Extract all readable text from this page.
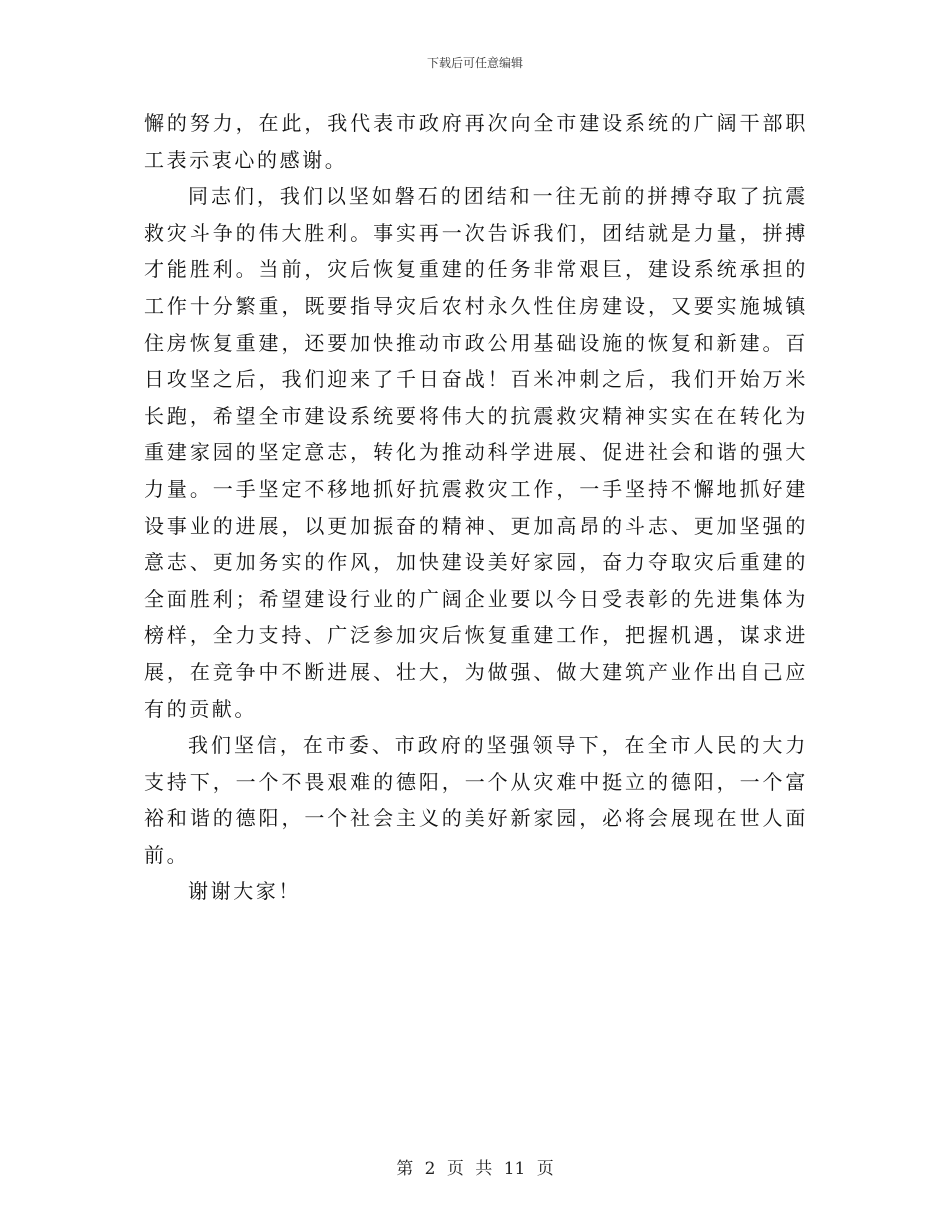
下载后可任意编辑

懈的努力，在此，我代表市政府再次向全市建设系统的广阔干部职工表示衷心的感谢。

同志们，我们以坚如磐石的团结和一往无前的拼搏夺取了抗震救灾斗争的伟大胜利。事实再一次告诉我们，团结就是力量，拼搏才能胜利。当前，灾后恢复重建的任务非常艰巨，建设系统承担的工作十分繁重，既要指导灾后农村永久性住房建设，又要实施城镇住房恢复重建，还要加快推动市政公用基础设施的恢复和新建。百日攻坚之后，我们迎来了千日奋战！百米冲刺之后，我们开始万米长跑，希望全市建设系统要将伟大的抗震救灾精神实实在在转化为重建家园的坚定意志，转化为推动科学进展、促进社会和谐的强大力量。一手坚定不移地抓好抗震救灾工作，一手坚持不懈地抓好建设事业的进展，以更加振奋的精神、更加高昂的斗志、更加坚强的意志、更加务实的作风，加快建设美好家园，奋力夺取灾后重建的全面胜利；希望建设行业的广阔企业要以今日受表彰的先进集体为榜样，全力支持、广泛参加灾后恢复重建工作，把握机遇，谋求进展，在竞争中不断进展、壮大，为做强、做大建筑产业作出自己应有的贡献。

我们坚信，在市委、市政府的坚强领导下，在全市人民的大力支持下，一个不畏艰难的德阳，一个从灾难中挺立的德阳，一个富裕和谐的德阳，一个社会主义的美好新家园，必将会展现在世人面前。

谢谢大家！

第 2 页 共 11 页
